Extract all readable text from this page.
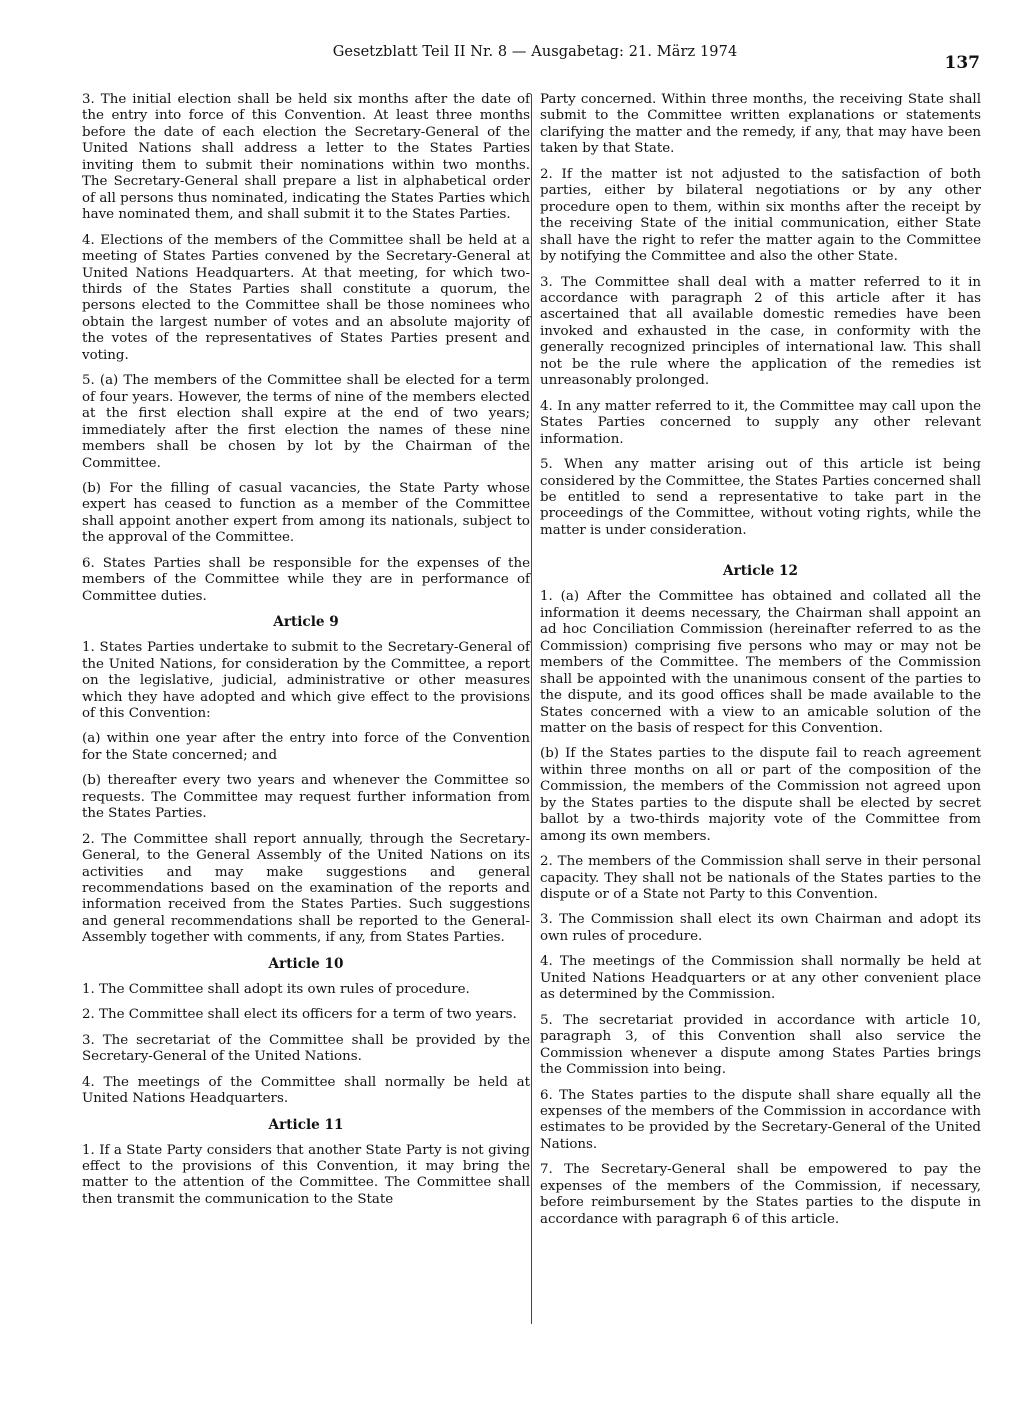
Gesetzblatt Teil II Nr. 8 — Ausgabetag: 21. März 1974
137

3. The initial election shall be held six months after the date of the entry into force of this Convention. At least three months before the date of each election the Secretary-General of the United Nations shall address a letter to the States Parties inviting them to submit their nominations within two months. The Secretary-General shall prepare a list in alphabetical order of all persons thus nominated, indicating the States Parties which have nominated them, and shall submit it to the States Parties.

4. Elections of the members of the Committee shall be held at a meeting of States Parties convened by the Secretary-General at United Nations Headquarters. At that meeting, for which two-thirds of the States Parties shall constitute a quorum, the persons elected to the Committee shall be those nominees who obtain the largest number of votes and an absolute majority of the votes of the representatives of States Parties present and voting.

5. (a) The members of the Committee shall be elected for a term of four years. However, the terms of nine of the members elected at the first election shall expire at the end of two years; immediately after the first election the names of these nine members shall be chosen by lot by the Chairman of the Committee.

(b) For the filling of casual vacancies, the State Party whose expert has ceased to function as a member of the Committee shall appoint another expert from among its nationals, subject to the approval of the Committee.

6. States Parties shall be responsible for the expenses of the members of the Committee while they are in performance of Committee duties.

Article 9

1. States Parties undertake to submit to the Secretary-General of the United Nations, for consideration by the Committee, a report on the legislative, judicial, administrative or other measures which they have adopted and which give effect to the provisions of this Convention:

(a) within one year after the entry into force of the Convention for the State concerned; and

(b) thereafter every two years and whenever the Committee so requests. The Committee may request further information from the States Parties.

2. The Committee shall report annually, through the Secretary-General, to the General Assembly of the United Nations on its activities and may make suggestions and general recommendations based on the examination of the reports and information received from the States Parties. Such suggestions and general recommendations shall be reported to the General-Assembly together with comments, if any, from States Parties.

Article 10

1. The Committee shall adopt its own rules of procedure.

2. The Committee shall elect its officers for a term of two years.

3. The secretariat of the Committee shall be provided by the Secretary-General of the United Nations.

4. The meetings of the Committee shall normally be held at United Nations Headquarters.

Article 11

1. If a State Party considers that another State Party is not giving effect to the provisions of this Convention, it may bring the matter to the attention of the Committee. The Committee shall then transmit the communication to the State

Party concerned. Within three months, the receiving State shall submit to the Committee written explanations or statements clarifying the matter and the remedy, if any, that may have been taken by that State.

2. If the matter ist not adjusted to the satisfaction of both parties, either by bilateral negotiations or by any other procedure open to them, within six months after the receipt by the receiving State of the initial communication, either State shall have the right to refer the matter again to the Committee by notifying the Committee and also the other State.

3. The Committee shall deal with a matter referred to it in accordance with paragraph 2 of this article after it has ascertained that all available domestic remedies have been invoked and exhausted in the case, in conformity with the generally recognized principles of international law. This shall not be the rule where the application of the remedies ist unreasonably prolonged.

4. In any matter referred to it, the Committee may call upon the States Parties concerned to supply any other relevant information.

5. When any matter arising out of this article ist being considered by the Committee, the States Parties concerned shall be entitled to send a representative to take part in the proceedings of the Committee, without voting rights, while the matter is under consideration.

Article 12

1. (a) After the Committee has obtained and collated all the information it deems necessary, the Chairman shall appoint an ad hoc Conciliation Commission (hereinafter referred to as the Commission) comprising five persons who may or may not be members of the Committee. The members of the Commission shall be appointed with the unanimous consent of the parties to the dispute, and its good offices shall be made available to the States concerned with a view to an amicable solution of the matter on the basis of respect for this Convention.

(b) If the States parties to the dispute fail to reach agreement within three months on all or part of the composition of the Commission, the members of the Commission not agreed upon by the States parties to the dispute shall be elected by secret ballot by a two-thirds majority vote of the Committee from among its own members.

2. The members of the Commission shall serve in their personal capacity. They shall not be nationals of the States parties to the dispute or of a State not Party to this Convention.

3. The Commission shall elect its own Chairman and adopt its own rules of procedure.

4. The meetings of the Commission shall normally be held at United Nations Headquarters or at any other convenient place as determined by the Commission.

5. The secretariat provided in accordance with article 10, paragraph 3, of this Convention shall also service the Commission whenever a dispute among States Parties brings the Commission into being.

6. The States parties to the dispute shall share equally all the expenses of the members of the Commission in accordance with estimates to be provided by the Secretary-General of the United Nations.

7. The Secretary-General shall be empowered to pay the expenses of the members of the Commission, if necessary, before reimbursement by the States parties to the dispute in accordance with paragraph 6 of this article.
